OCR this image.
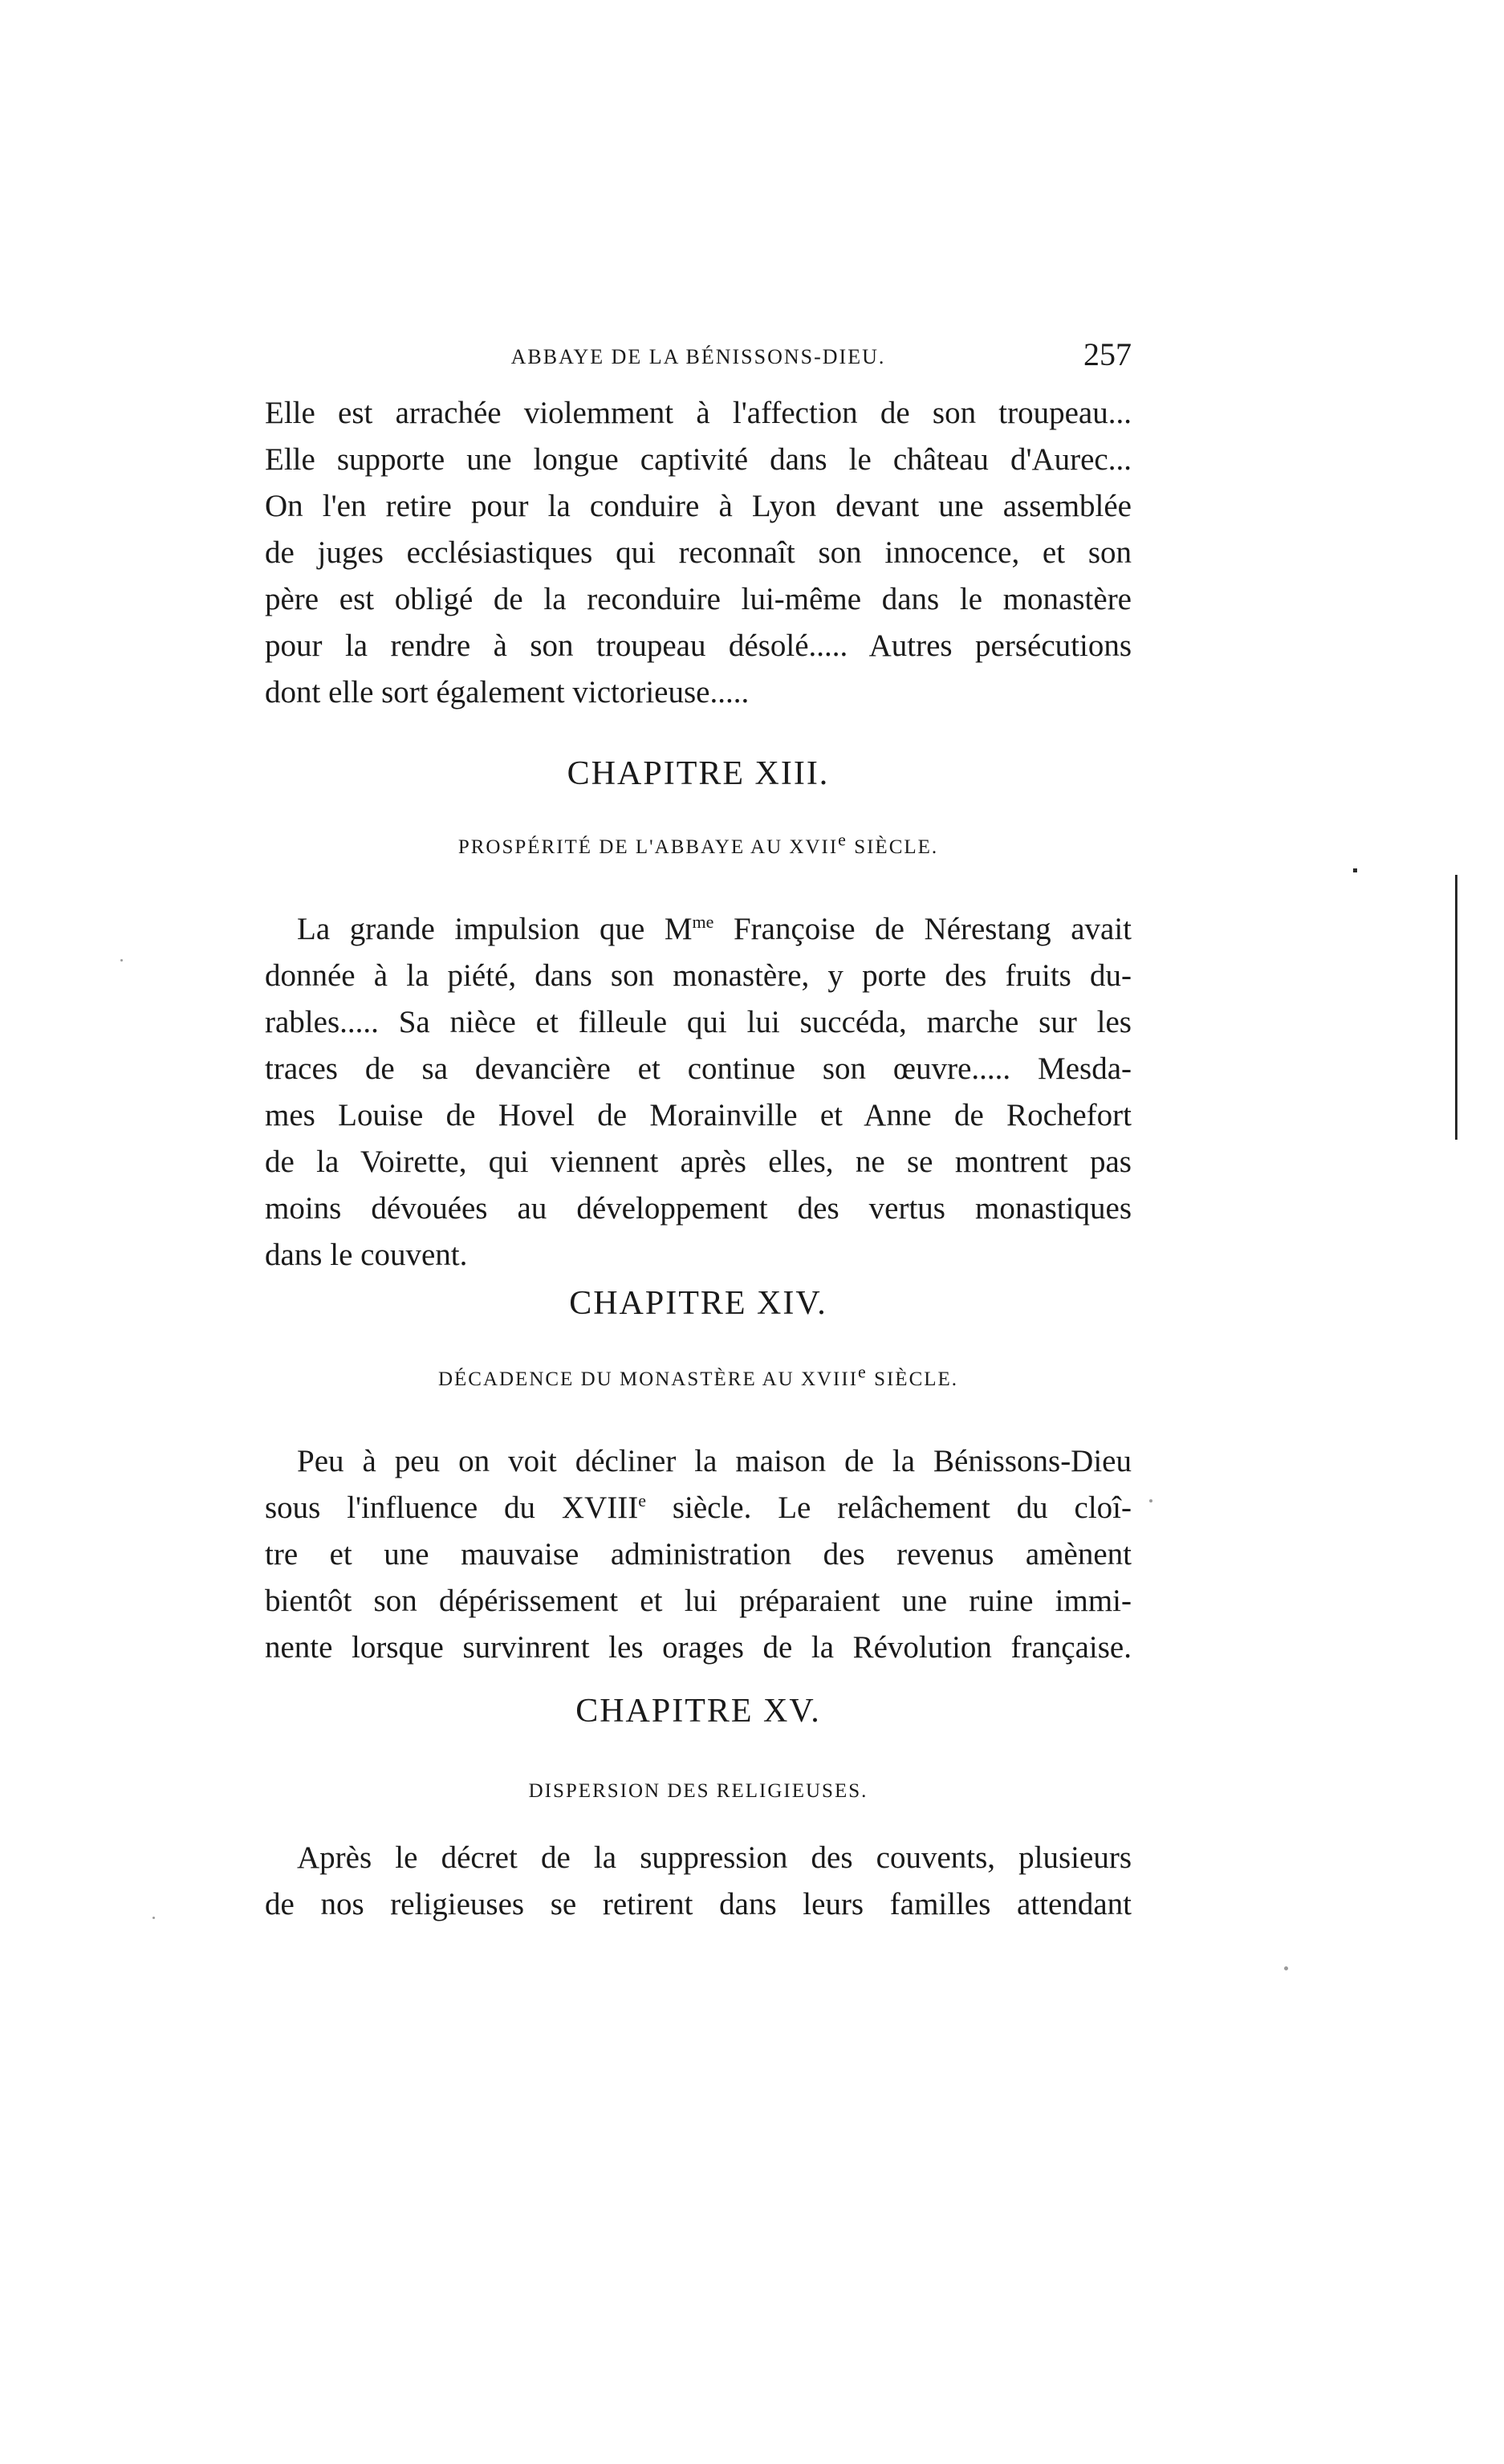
ABBAYE DE LA BÉNISSONS-DIEU.	257
Elle est arrachée violemment à l'affection de son troupeau...
Elle supporte une longue captivité dans le château d'Aurec...
On l'en retire pour la conduire à Lyon devant une assemblée
de juges ecclésiastiques qui reconnaît son innocence, et son
père est obligé de la reconduire lui-même dans le monastère
pour la rendre à son troupeau désolé..... Autres persécutions
dont elle sort également victorieuse.....
CHAPITRE XIII.
PROSPÉRITÉ DE L'ABBAYE AU XVIIe SIÈCLE.
La grande impulsion que $M^{me}$ Françoise de Nérestang avait
donnée à la piété, dans son monastère, y porte des fruits du-
rables..... Sa nièce et filleule qui lui succéda, marche sur les
traces de sa devancière et continue son œuvre..... Mesda-
mes Louise de Hovel de Morainville et Anne de Rochefort
de la Voirette, qui viennent après elles, ne se montrent pas
moins dévouées au développement des vertus monastiques
dans le couvent.
CHAPITRE XIV.
DÉCADENCE DU MONASTÈRE AU XVIIIe SIÈCLE.
Peu à peu on voit décliner la maison de la Bénissons-Dieu
sous l'influence du XVIIIe siècle. Le relâchement du cloî-
tre et une mauvaise administration des revenus amènent
bientôt son dépérissement et lui préparaient une ruine immi-
nente lorsque survinrent les orages de la Révolution française.
CHAPITRE XV.
DISPERSION DES RELIGIEUSES.
Après le décret de la suppression des couvents, plusieurs
de nos religieuses se retirent dans leurs familles attendant
